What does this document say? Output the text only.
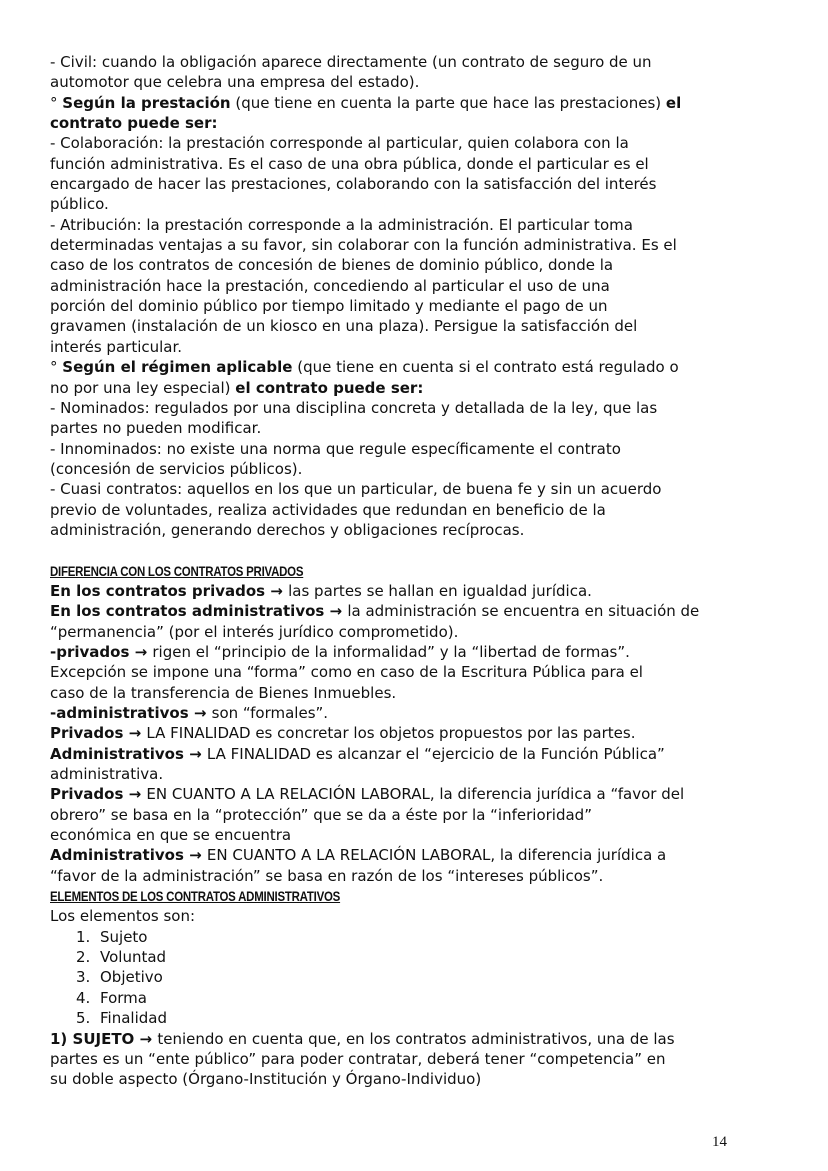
- Civil: cuando la obligación aparece directamente (un contrato de seguro de un
automotor que celebra una empresa del estado).
° Según la prestación (que tiene en cuenta la parte que hace las prestaciones) el
contrato puede ser:
- Colaboración: la prestación corresponde al particular, quien colabora con la
función administrativa. Es el caso de una obra pública, donde el particular es el
encargado de hacer las prestaciones, colaborando con la satisfacción del interés
público.
- Atribución: la prestación corresponde a la administración. El particular toma
determinadas ventajas a su favor, sin colaborar con la función administrativa. Es el
caso de los contratos de concesión de bienes de dominio público, donde la
administración hace la prestación, concediendo al particular el uso de una
porción del dominio público por tiempo limitado y mediante el pago de un
gravamen (instalación de un kiosco en una plaza). Persigue la satisfacción del
interés particular.
° Según el régimen aplicable (que tiene en cuenta si el contrato está regulado o
no por una ley especial) el contrato puede ser:
- Nominados: regulados por una disciplina concreta y detallada de la ley, que las
partes no pueden modificar.
- Innominados: no existe una norma que regule específicamente el contrato
(concesión de servicios públicos).
- Cuasi contratos: aquellos en los que un particular, de buena fe y sin un acuerdo
previo de voluntades, realiza actividades que redundan en beneficio de la
administración, generando derechos y obligaciones recíprocas.
DIFERENCIA CON LOS CONTRATOS PRIVADOS
En los contratos privados → las partes se hallan en igualdad jurídica.
En los contratos administrativos → la administración se encuentra en situación de
“permanencia” (por el interés jurídico comprometido).
-privados → rigen el “principio de la informalidad” y la “libertad de formas”.
Excepción se impone una “forma” como en caso de la Escritura Pública para el
caso de la transferencia de Bienes Inmuebles.
-administrativos → son “formales”.
Privados → LA FINALIDAD es concretar los objetos propuestos por las partes.
Administrativos → LA FINALIDAD es alcanzar el “ejercicio de la Función Pública”
administrativa.
Privados → EN CUANTO A LA RELACIÓN LABORAL, la diferencia jurídica a “favor del
obrero” se basa en la “protección” que se da a éste por la “inferioridad”
económica en que se encuentra
Administrativos → EN CUANTO A LA RELACIÓN LABORAL, la diferencia jurídica a
“favor de la administración” se basa en razón de los “intereses públicos”.
ELEMENTOS DE LOS CONTRATOS ADMINISTRATIVOS
Los elementos son:
1. Sujeto
2. Voluntad
3. Objetivo
4. Forma
5. Finalidad
1) SUJETO → teniendo en cuenta que, en los contratos administrativos, una de las
partes es un “ente público” para poder contratar, deberá tener “competencia” en
su doble aspecto (Órgano-Institución y Órgano-Individuo)
14
